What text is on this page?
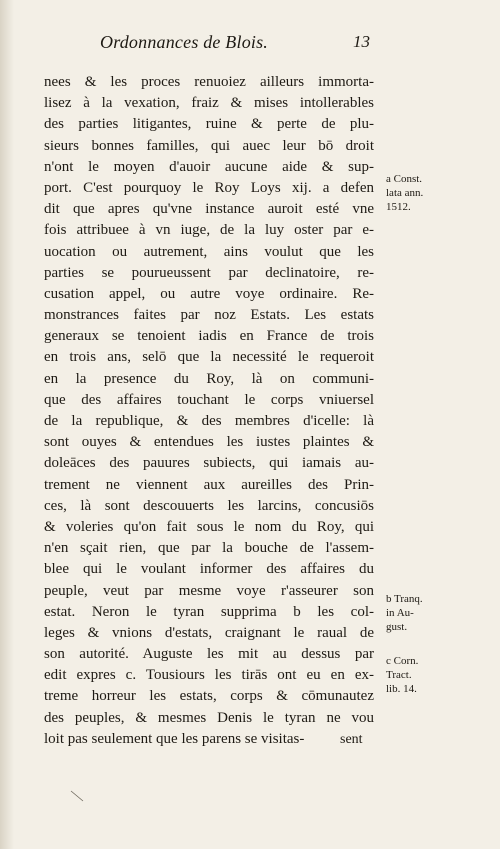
Ordonnances de Blois.	13
nees & les proces renuoiez ailleurs immorta-
lisez à la vexation, fraiz & mises intollerables
des parties litigantes, ruine & perte de plu-
sieurs bonnes familles, qui auec leur bō droit
n'ont le moyen d'auoir aucune aide & sup-
port. C'est pourquoy le Roy Loys xij. a defen
dit que apres qu'vne instance auroit esté vne
fois attribuee à vn iuge, de la luy oster par e-
uocation ou autrement, ains voulut que les
parties se pourueussent par declinatoire, re-
cusation appel, ou autre voye ordinaire. Re-
monstrances faites par noz Estats. Les estats
generaux se tenoient iadis en France de trois
en trois ans, selō que la necessité le requeroit
en la presence du Roy, là on communi-
que des affaires touchant le corps vniuersel
de la republique, & des membres d'icelle: là
sont ouyes & entendues les iustes plaintes &
doleāces des pauures subiects, qui iamais au-
trement ne viennent aux aureilles des Prin-
ces, là sont descouuerts les larcins, concusiōs
& voleries qu'on fait sous le nom du Roy, qui
n'en sçait rien, que par la bouche de l'assem-
blee qui le voulant informer des affaires du
peuple, veut par mesme voye r'asseurer son
estat. Neron le tyran supprima b les col-
leges & vnions d'estats, craignant le raual de
son autorité. Auguste les mit au dessus par
edit expres c. Tousiours les tirās ont eu en ex-
treme horreur les estats, corps & cōmunautez
des peuples, & mesmes Denis le tyran ne vou
loit pas seulement que les parens se visitas-	sent
a Const.
lata ann.
1512.
b Tranq.
in Au-
gust.
c Corn.
Tract.
lib. 14.
